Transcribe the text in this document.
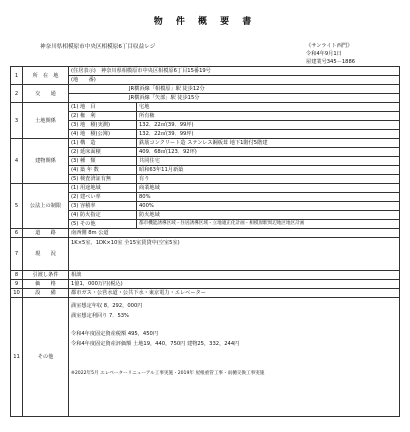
物 件 概 要 書
神奈川県相模原市中央区相模原6丁目収益レジ	《サンライト西門》
令和4年9月1日
屋建業号345－1886
1	所　在　地	(住居表示)　神奈川県相模原市中央区相模原6丁目15番19号	
		(地　　番)	
2	交　　通	JR横浜線「相模原」駅 徒歩12分	
		JR横浜線「矢部」駅 徒歩15分	
3	土地関係	(1) 地　目	宅地
		(2) 権　利	所有権
		(3) 地　積(実測)	132．22㎡(39．99坪)
		(4) 地　積(公簿)	132．22㎡(39．99坪)
4	建物関係	(1) 構　造	鉄筋コンクリート造 ステンレス鋼板葺 地下1階付5階建
		(2) 延床面積	409．68㎡(123．92坪)
		(3) 種　類	共同住宅
		(4) 築 年 数	昭和63年11月新築
		(5) 検査済証有無	有り
5	公法上の制限	(1) 用途地域	商業地域
		(2) 建ぺい率	80%
		(3) 容積率	400%
		(4) 防火指定	防火地域
		(5) その他	都市機能誘導区域・住居誘導区域・立地適正化計画・相模原駅周辺地区地区計画
6	道　　路	南西側 8m 公道	
7	現　　況	1K×5室、1DK×10室 全15室賃貸中(空室5室)	
8	引渡し条件	相談	
9	価　　格	1億1，000万円(税込)	
10	設　　備	都市ガス・公営水道・公共下水・東京電力・エレベーター	
11	その他	満室想定年収 8，292，000円
満室想定利回り 7．53%
令和4年度固定資産税額 495，450円
令和4年度固定資産評価額 土地19，440，750円 建物25，332，244円
※2022年5月 エレベーターリニューアル工事実施・2019年 屋根重管工事・雨樋交換工事実施	
